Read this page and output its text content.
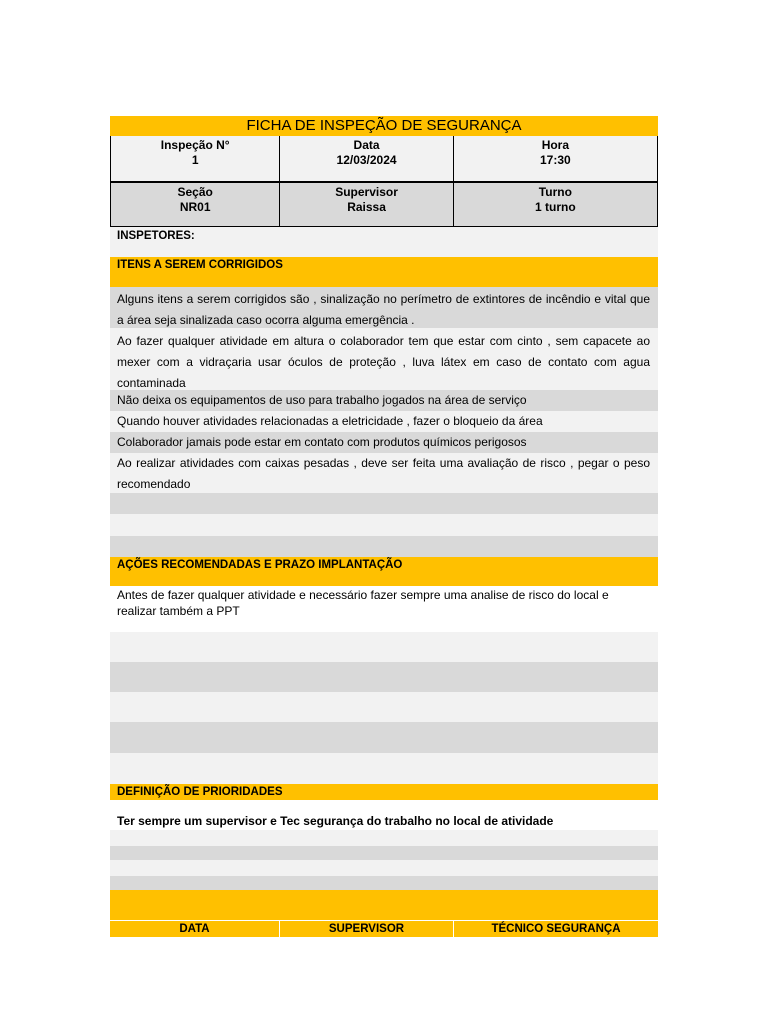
FICHA DE INSPEÇÃO DE SEGURANÇA
Inspeção N°
1
Data
12/03/2024
Hora
17:30
Seção
NR01
Supervisor
Raissa
Turno
1 turno
INSPETORES:
ITENS A SEREM CORRIGIDOS
Alguns itens a serem corrigidos são , sinalização no perímetro de extintores de incêndio e vital que a área seja sinalizada caso ocorra alguma emergência .
Ao fazer qualquer atividade em altura o colaborador tem que estar com cinto , sem capacete ao mexer com a vidraçaria usar óculos de proteção , luva látex em caso de contato com agua contaminada
Não deixa os equipamentos de uso para trabalho jogados na área de serviço
Quando houver atividades relacionadas a eletricidade , fazer o bloqueio da área
Colaborador jamais pode estar em contato com produtos químicos perigosos
Ao realizar atividades com caixas pesadas , deve ser feita uma avaliação de risco , pegar o peso recomendado
AÇÕES RECOMENDADAS E PRAZO IMPLANTAÇÃO
Antes de fazer qualquer atividade e necessário fazer sempre uma analise de risco do local e realizar também a PPT
DEFINIÇÃO DE PRIORIDADES
Ter sempre um supervisor e Tec segurança do trabalho no local de atividade
DATA	SUPERVISOR	TÉCNICO SEGURANÇA
